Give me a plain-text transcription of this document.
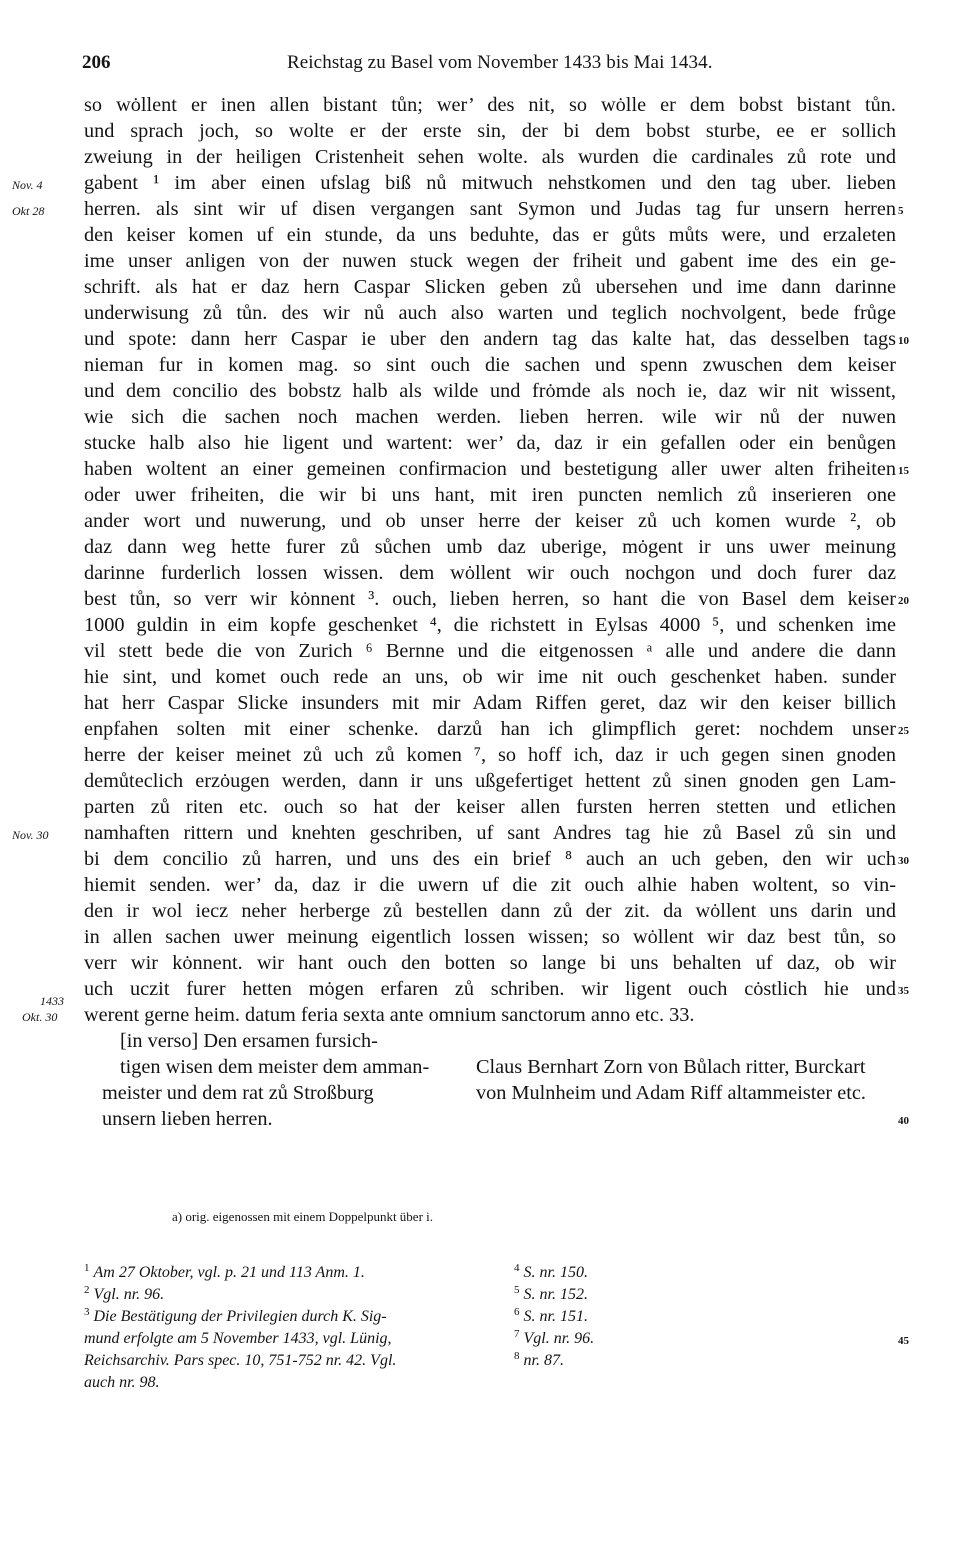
206	Reichstag zu Basel vom November 1433 bis Mai 1434.
so wȯllent er inen allen bistant tůn; wer’ des nit, so wȯlle er dem bobst bistant tůn.
und sprach joch, so wolte er der erste sin, der bi dem bobst sturbe, ee er sollich
zweiung in der heiligen Cristenheit sehen wolte. als wurden die cardinales zů rote und
gabent ¹ im aber einen ufslag biß nů mitwuch nehstkomen und den tag uber. lieben
herren. als sint wir uf disen vergangen sant Symon und Judas tag fur unsern herren
den keiser komen uf ein stunde, da uns beduhte, das er gůts můts were, und erzaleten
ime unser anligen von der nuwen stuck wegen der friheit und gabent ime des ein ge-
schrift. als hat er daz hern Caspar Slicken geben zů ubersehen und ime dann darinne
underwisung zů tůn. des wir nů auch also warten und teglich nochvolgent, bede frůge
und spote: dann herr Caspar ie uber den andern tag das kalte hat, das desselben tags
nieman fur in komen mag. so sint ouch die sachen und spenn zwuschen dem keiser
und dem concilio des bobstz halb als wilde und frȯmde als noch ie, daz wir nit wissent,
wie sich die sachen noch machen werden. lieben herren. wile wir nů der nuwen
stucke halb also hie ligent und wartent: wer’ da, daz ir ein gefallen oder ein benůgen
haben woltent an einer gemeinen confirmacion und bestetigung aller uwer alten friheiten
oder uwer friheiten, die wir bi uns hant, mit iren puncten nemlich zů inserieren one
ander wort und nuwerung, und ob unser herre der keiser zů uch komen wurde ², ob
daz dann weg hette furer zů sůchen umb daz uberige, mȯgent ir uns uwer meinung
darinne furderlich lossen wissen. dem wȯllent wir ouch nochgon und doch furer daz
best tůn, so verr wir kȯnnent ³. ouch, lieben herren, so hant die von Basel dem keiser
1000 guldin in eim kopfe geschenket ⁴, die richstett in Eylsas 4000 ⁵, und schenken ime
vil stett bede die von Zurich ⁶ Bernne und die eitgenossen ᵃ alle und andere die dann
hie sint, und komet ouch rede an uns, ob wir ime nit ouch geschenket haben. sunder
hat herr Caspar Slicke insunders mit mir Adam Riffen geret, daz wir den keiser billich
enpfahen solten mit einer schenke. darzů han ich glimpflich geret: nochdem unser
herre der keiser meinet zů uch zů komen ⁷, so hoff ich, daz ir uch gegen sinen gnoden
demůteclich erzȯugen werden, dann ir uns ußgefertiget hettent zů sinen gnoden gen Lam-
parten zů riten etc. ouch so hat der keiser allen fursten herren stetten und etlichen
namhaften rittern und knehten geschriben, uf sant Andres tag hie zů Basel zů sin und
bi dem concilio zů harren, und uns des ein brief ⁸ auch an uch geben, den wir uch
hiemit senden. wer’ da, daz ir die uwern uf die zit ouch alhie haben woltent, so vin-
den ir wol iecz neher herberge zů bestellen dann zů der zit. da wȯllent uns darin und
in allen sachen uwer meinung eigentlich lossen wissen; so wȯllent wir daz best tůn, so
verr wir kȯnnent. wir hant ouch den botten so lange bi uns behalten uf daz, ob wir
uch uczit furer hetten mȯgen erfaren zů schriben. wir ligent ouch cȯstlich hie und
werent gerne heim. datum feria sexta ante omnium sanctorum anno etc. 33.
Nov. 4
Okt 28
Nov. 30
1433
Okt. 30
5
10
15
20
25
30
35
40
45
[in verso] Den ersamen fursich-
tigen wisen dem meister dem amman-
meister und dem rat zů Stroßburg
unsern lieben herren.
Claus Bernhart Zorn von Bůlach ritter, Burckart
von Mulnheim und Adam Riff altammeister etc.
a) orig. eigenossen mit einem Doppelpunkt über i.
$^1$ Am 27 Oktober, vgl. p. 21 und 113 Anm. 1.
$^2$ Vgl. nr. 96.
$^3$ Die Bestätigung der Privilegien durch K. Sig-
mund erfolgte am 5 November 1433, vgl. Lünig,
Reichsarchiv. Pars spec. 10, 751-752 nr. 42. Vgl.
auch nr. 98.
$^4$ S. nr. 150.
$^5$ S. nr. 152.
$^6$ S. nr. 151.
$^7$ Vgl. nr. 96.
$^8$ nr. 87.
